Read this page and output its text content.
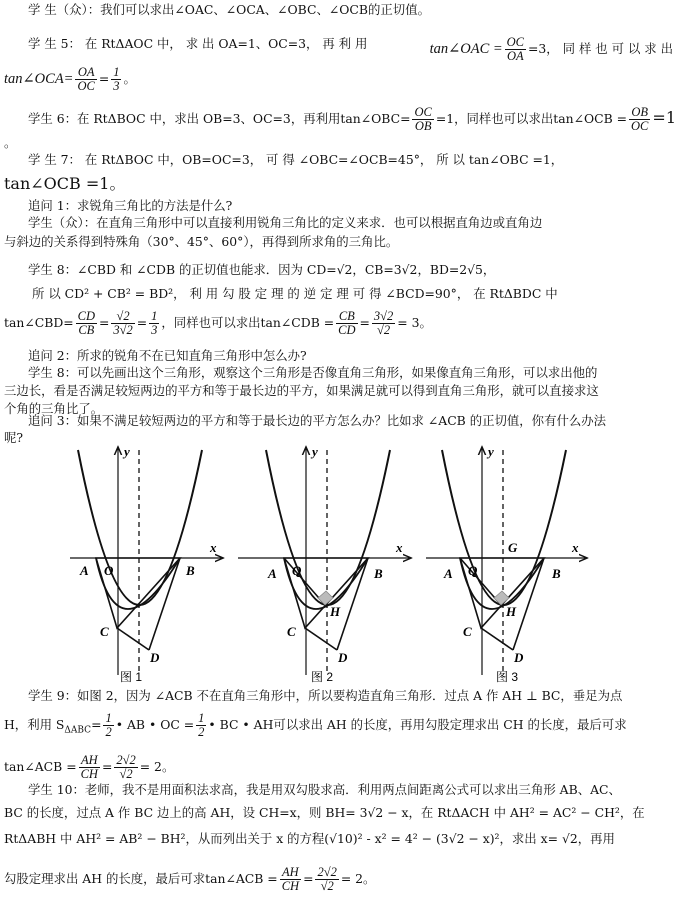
学 生（众）：我们可以求出∠OAC、∠OCA、∠OBC、∠OCB的正切值。
学 生 5： 在 RtΔAOC 中， 求 出 OA=1、OC=3， 再 利 用	tan∠OAC = $\frac{OC}{OA} =3$， 同 样 也 可 以 求 出
tan∠OCA= $\frac{OA}{OC} = \frac{1}{3}$ 。
学生 6：在 RtΔBOC 中，求出 OB=3、OC=3，再利用tan∠OBC= $\frac{OC}{OB} =1$，同样也可以求出tan∠OCB = $\frac{OB}{OC} =1$
。
学 生 7： 在 RtΔBOC 中，OB=OC=3， 可 得 ∠OBC=∠OCB=45°， 所 以 tan∠OBC =1，
tan∠OCB =1。
追问 1：求锐角三角比的方法是什么?
学生（众）：在直角三角形中可以直接利用锐角三角比的定义来求．也可以根据直角边或直角边
与斜边的关系得到特殊角（30°、45°、60°），再得到所求角的三角比。
学生 8：∠CBD 和 ∠CDB 的正切值也能求．因为 CD=√2，CB=3√2，BD=2√5，
所 以 CD² + CB² = BD²， 利 用 勾 股 定 理 的 逆 定 理 可 得 ∠BCD=90°， 在 RtΔBDC 中
tan∠CBD= $\frac{CD}{CB} = \frac{√2}{3√2} = \frac{1}{3}$ ，同样也可以求出tan∠CDB = $\frac{CB}{CD} = \frac{3√2}{√2} = 3$。
追问 2：所求的锐角不在已知直角三角形中怎么办?
学生 8：可以先画出这个三角形，观察这个三角形是否像直角三角形，如果像直角三角形，可以求出他的
三边长，看是否满足较短两边的平方和等于最长边的平方，如果满足就可以得到直角三角形，就可以直接求这
个角的三角比了。
追问 3：如果不满足较短两边的平方和等于最长边的平方怎么办？比如求 ∠ACB 的正切值，你有什么办法
呢?
A O	B
C
D
x
y
图 1
A Q	B
C
D
H
x
y
图 2
A Q
G
B
C
D
H
x
y
图 3
学生 9：如图 2，因为 ∠ACB 不在直角三角形中，所以要构造直角三角形．过点 A 作 AH ⊥ BC，垂足为点
H，利用 $S_{\Delta ABC}= \frac{1}{2}$ • AB • OC = $\frac{1}{2}$ • BC • AH可以求出 AH 的长度，再用勾股定理求出 CH 的长度，最后可求
tan∠ACB = $\frac{AH}{CH} = \frac{2√2}{√2} = 2$。
学生 10：老师，我不是用面积法求高，我是用双勾股求高．利用两点间距离公式可以求出三角形 AB、AC、
BC 的长度，过点 A 作 BC 边上的高 AH，设 CH=x，则 BH= 3√2 − x，在 RtΔACH 中 AH² = AC² − CH²，在
RtΔABH 中 AH² = AB² − BH²，从而列出关于 x 的方程(√10)² - x² = 4² − (3√2 − x)²，求出 x= √2，再用
勾股定理求出 AH 的长度，最后可求tan∠ACB = $\frac{AH}{CH} = \frac{2√2}{√2} = 2$。
